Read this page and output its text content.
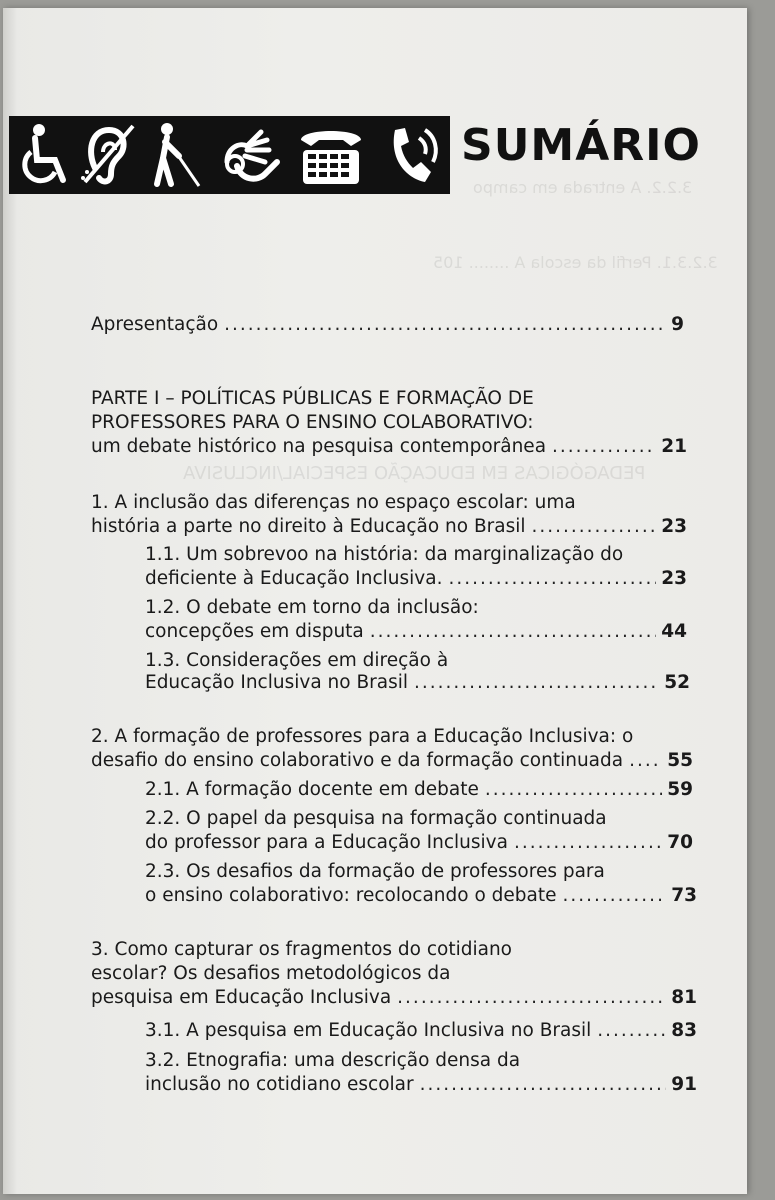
3.2.2. A entrada em campo
3.2.3.1. Perfil da escola A ........ 105
PEDAGÓGICAS EM EDUCAÇÃO ESPECIAL/INCLUSIVA
SUMÁRIO
Apresentação .....	9
PARTE I – POLÍTICAS PÚBLICAS E FORMAÇÃO DE
PROFESSORES PARA O ENSINO COLABORATIVO:
um debate histórico na pesquisa contemporânea .....	21
1. A inclusão das diferenças no espaço escolar: uma
história a parte no direito à Educação no Brasil .....	23
1.1. Um sobrevoo na história: da marginalização do
deficiente à Educação Inclusiva. .....	23
1.2. O debate em torno da inclusão:
concepções em disputa .....	44
1.3. Considerações em direção à
Educação Inclusiva no Brasil .....	52
2. A formação de professores para a Educação Inclusiva: o
desafio do ensino colaborativo e da formação continuada ..... 55
2.1. A formação docente em debate .....	59
2.2. O papel da pesquisa na formação continuada
do professor para a Educação Inclusiva .....	70
2.3. Os desafios da formação de professores para
o ensino colaborativo: recolocando o debate .....	73
3. Como capturar os fragmentos do cotidiano
escolar? Os desafios metodológicos da
pesquisa em Educação Inclusiva .....	81
3.1. A pesquisa em Educação Inclusiva no Brasil .....	83
3.2. Etnografia: uma descrição densa da
inclusão no cotidiano escolar .....	91
